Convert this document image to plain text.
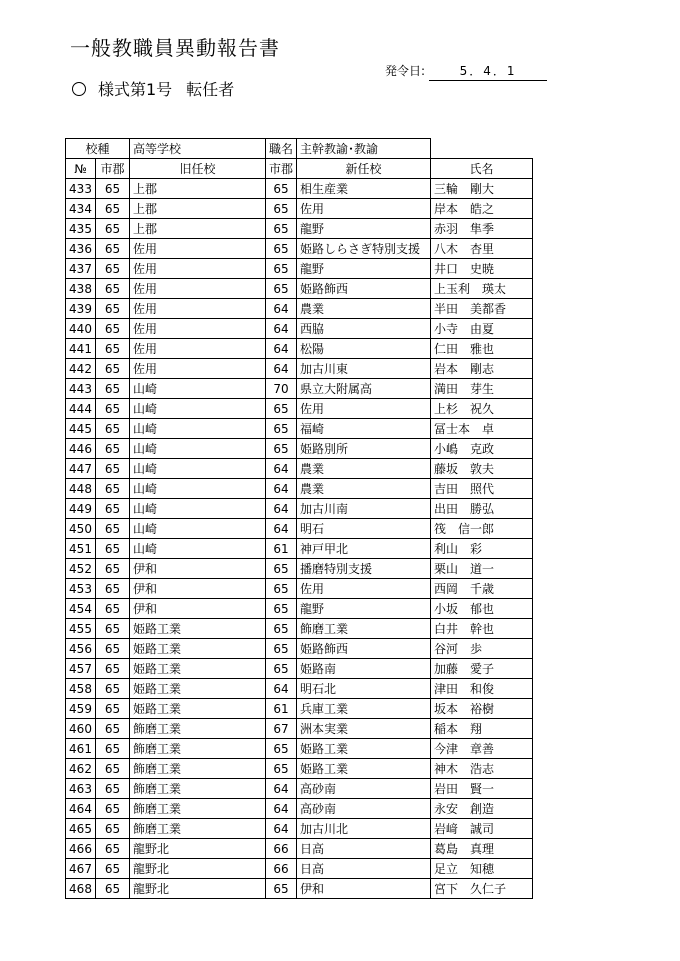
一般教職員異動報告書
発令日:	5．4．1
様式第1号 転任者
校種		高等学校	職名	主幹教諭･教諭	
№	市郡	旧任校	市郡	新任校	氏名
433	65	上郡	65	相生産業	三輪　剛大
434	65	上郡	65	佐用	岸本　皓之
435	65	上郡	65	龍野	赤羽　隼季
436	65	佐用	65	姫路しらさぎ特別支援	八木　杏里
437	65	佐用	65	龍野	井口　史暁
438	65	佐用	65	姫路飾西	上玉利　瑛太
439	65	佐用	64	農業	半田　美都香
440	65	佐用	64	西脇	小寺　由夏
441	65	佐用	64	松陽	仁田　雅也
442	65	佐用	64	加古川東	岩本　剛志
443	65	山崎	70	県立大附属高	満田　芽生
444	65	山崎	65	佐用	上杉　祝久
445	65	山崎	65	福崎	冨士本　卓
446	65	山崎	65	姫路別所	小嶋　克政
447	65	山崎	64	農業	藤坂　敦夫
448	65	山崎	64	農業	吉田　照代
449	65	山崎	64	加古川南	出田　勝弘
450	65	山崎	64	明石	筏　信一郎
451	65	山崎	61	神戸甲北	利山　彩
452	65	伊和	65	播磨特別支援	栗山　道一
453	65	伊和	65	佐用	西岡　千歳
454	65	伊和	65	龍野	小坂　郁也
455	65	姫路工業	65	飾磨工業	白井　幹也
456	65	姫路工業	65	姫路飾西	谷河　歩
457	65	姫路工業	65	姫路南	加藤　愛子
458	65	姫路工業	64	明石北	津田　和俊
459	65	姫路工業	61	兵庫工業	坂本　裕樹
460	65	飾磨工業	67	洲本実業	稲本　翔
461	65	飾磨工業	65	姫路工業	今津　章善
462	65	飾磨工業	65	姫路工業	神木　浩志
463	65	飾磨工業	64	高砂南	岩田　賢一
464	65	飾磨工業	64	高砂南	永安　創造
465	65	飾磨工業	64	加古川北	岩﨑　誠司
466	65	龍野北	66	日高	葛島　真理
467	65	龍野北	66	日高	足立　知穂
468	65	龍野北	65	伊和	宮下　久仁子
